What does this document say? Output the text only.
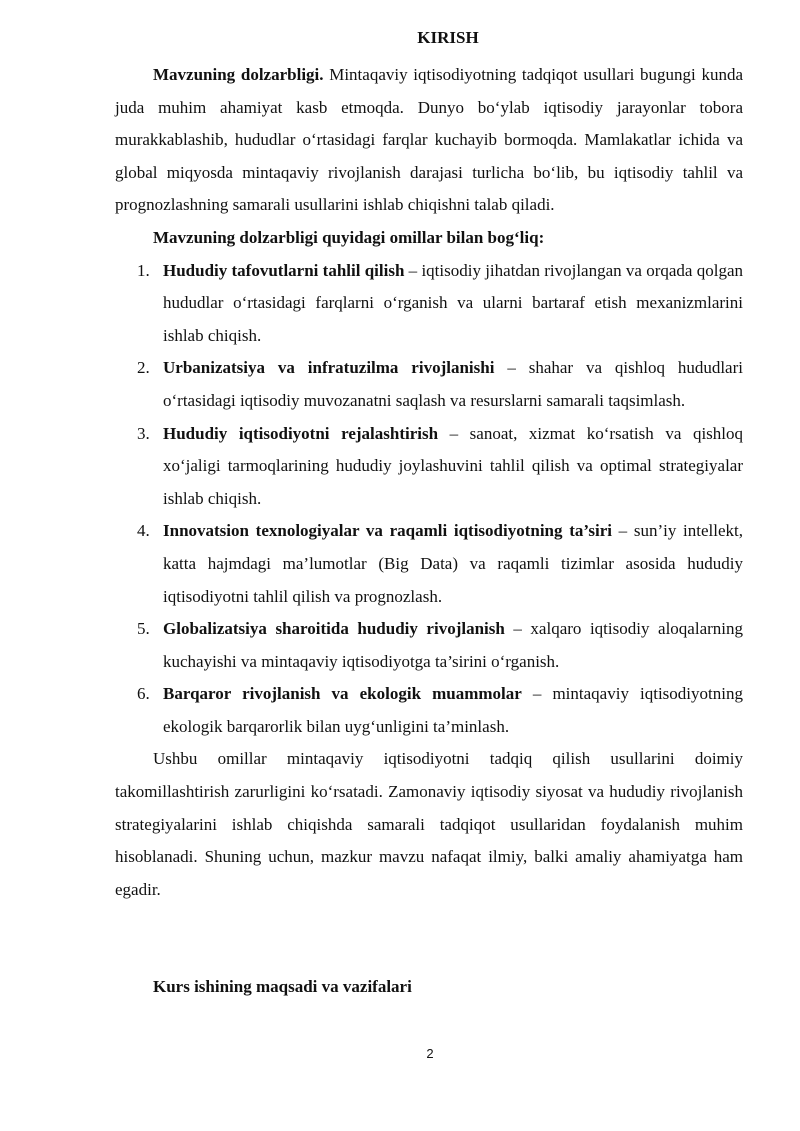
KIRISH

Mavzuning dolzarbligi. Mintaqaviy iqtisodiyotning tadqiqot usullari bugungi kunda juda muhim ahamiyat kasb etmoqda. Dunyo bo‘ylab iqtisodiy jarayonlar tobora murakkablashib, hududlar o‘rtasidagi farqlar kuchayib bormoqda. Mamlakatlar ichida va global miqyosda mintaqaviy rivojlanish darajasi turlicha bo‘lib, bu iqtisodiy tahlil va prognozlashning samarali usullarini ishlab chiqishni talab qiladi.

Mavzuning dolzarbligi quyidagi omillar bilan bog‘liq:

1. Hududiy tafovutlarni tahlil qilish – iqtisodiy jihatdan rivojlangan va orqada qolgan hududlar o‘rtasidagi farqlarni o‘rganish va ularni bartaraf etish mexanizmlarini ishlab chiqish.
2. Urbanizatsiya va infratuzilma rivojlanishi – shahar va qishloq hududlari o‘rtasidagi iqtisodiy muvozanatni saqlash va resurslarni samarali taqsimlash.
3. Hududiy iqtisodiyotni rejalashtirish – sanoat, xizmat ko‘rsatish va qishloq xo‘jaligi tarmoqlarining hududiy joylashuvini tahlil qilish va optimal strategiyalar ishlab chiqish.
4. Innovatsion texnologiyalar va raqamli iqtisodiyotning ta’siri – sun’iy intellekt, katta hajmdagi ma’lumotlar (Big Data) va raqamli tizimlar asosida hududiy iqtisodiyotni tahlil qilish va prognozlash.
5. Globalizatsiya sharoitida hududiy rivojlanish – xalqaro iqtisodiy aloqalarning kuchayishi va mintaqaviy iqtisodiyotga ta’sirini o‘rganish.
6. Barqaror rivojlanish va ekologik muammolar – mintaqaviy iqtisodiyotning ekologik barqarorlik bilan uyg‘unligini ta’minlash.

Ushbu omillar mintaqaviy iqtisodiyotni tadqiq qilish usullarini doimiy takomillashtirish zarurligini ko‘rsatadi. Zamonaviy iqtisodiy siyosat va hududiy rivojlanish strategiyalarini ishlab chiqishda samarali tadqiqot usullaridan foydalanish muhim hisoblanadi. Shuning uchun, mazkur mavzu nafaqat ilmiy, balki amaliy ahamiyatga ham egadir.

Kurs ishining maqsadi va vazifalari

2
